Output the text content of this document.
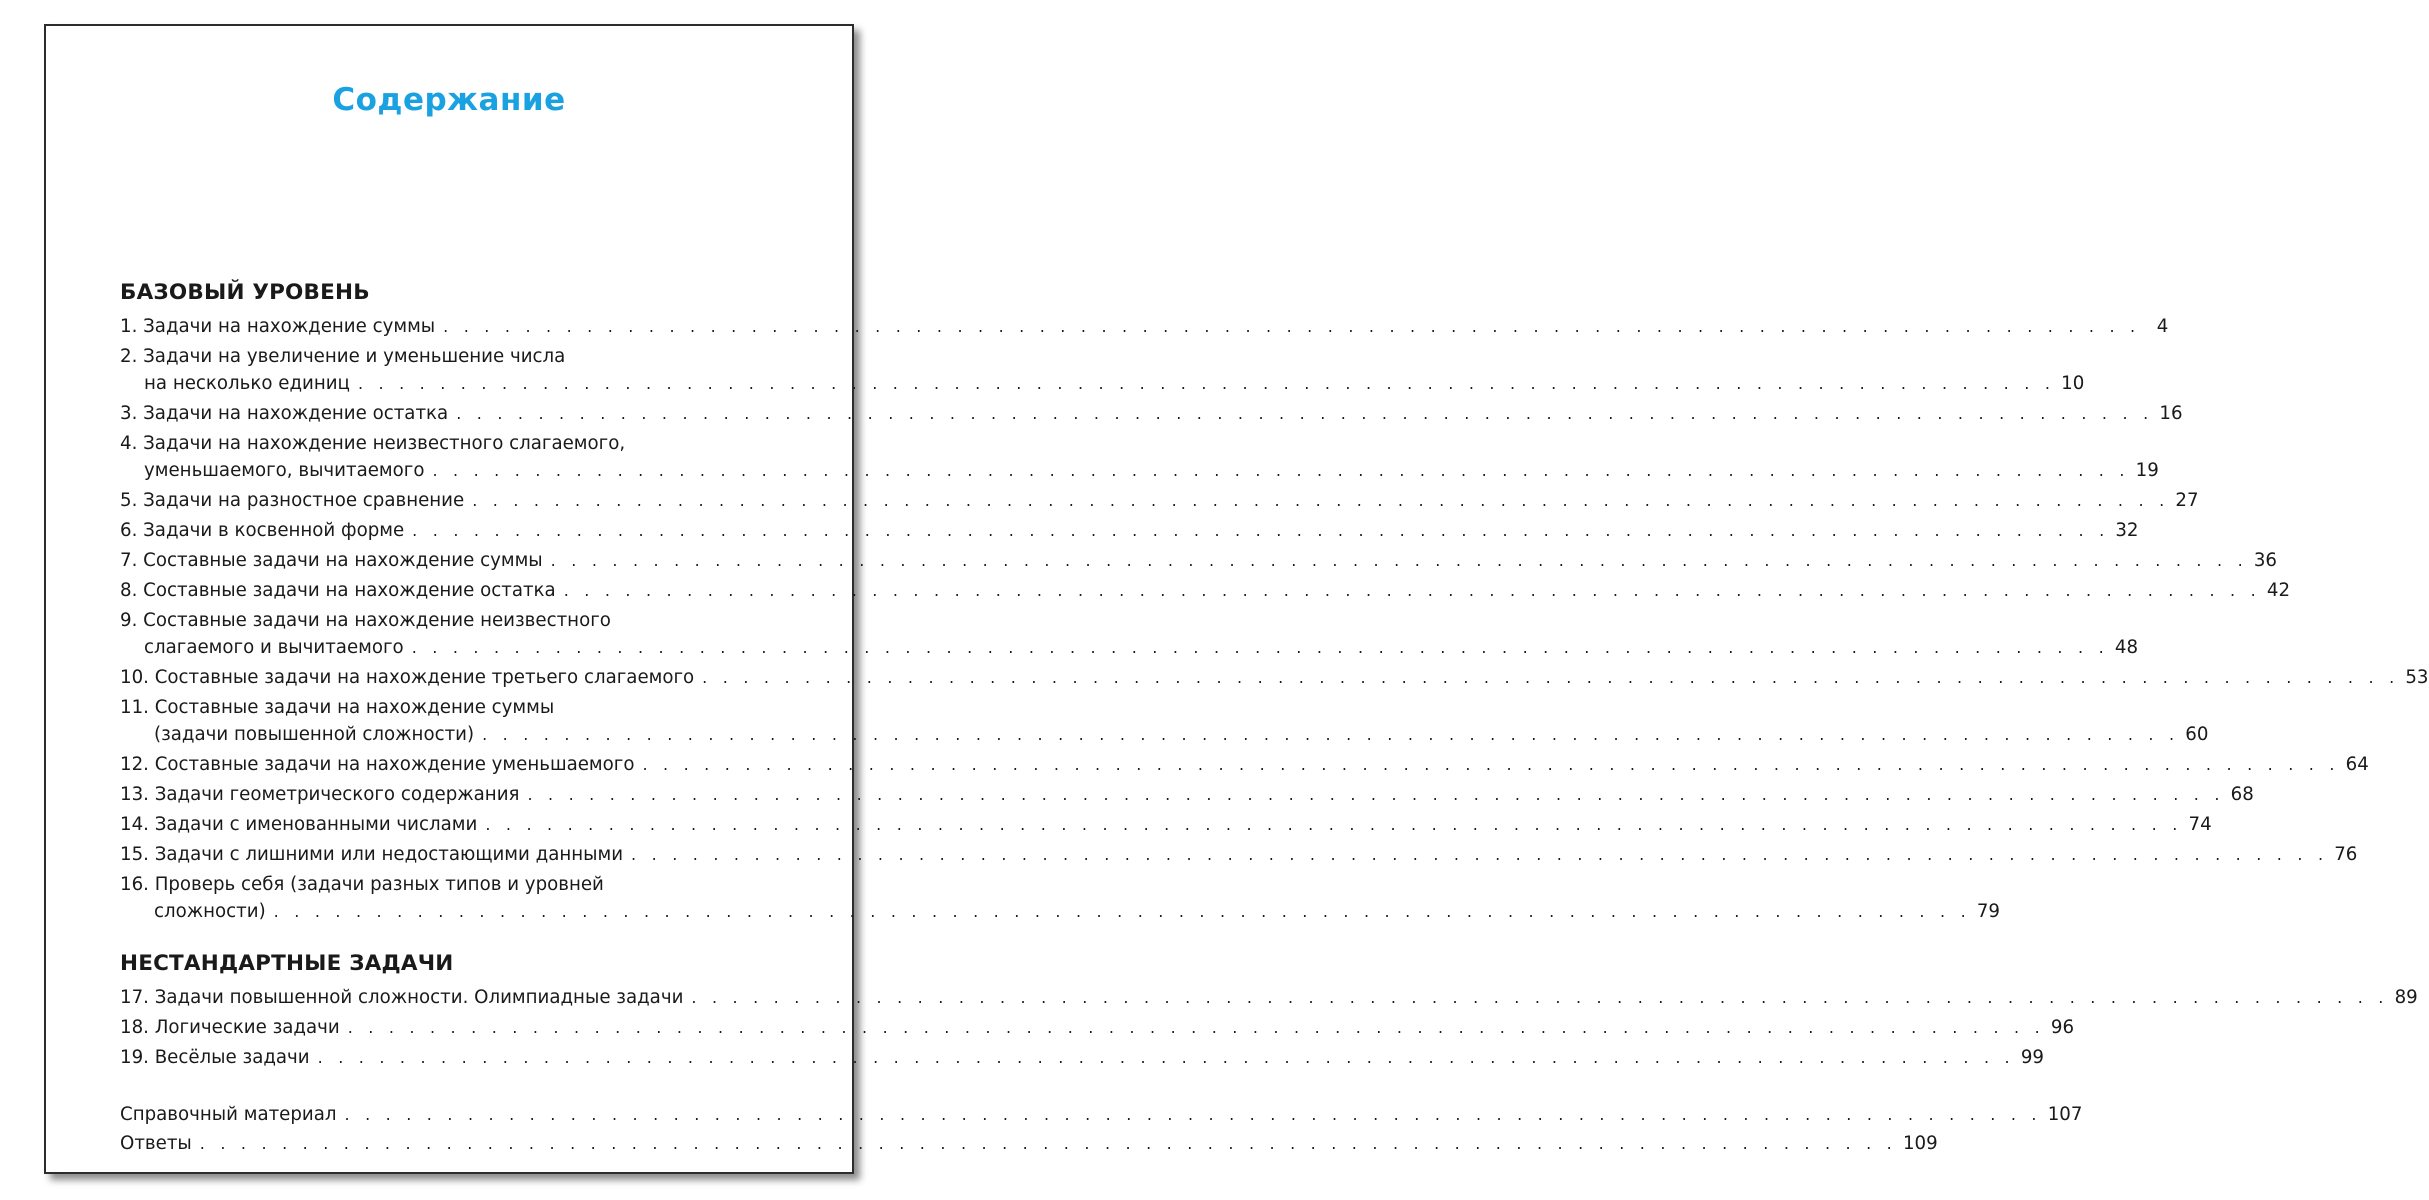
Содержание
БАЗОВЫЙ УРОВЕНЬ
1. Задачи на нахождение суммы . . . . . . . . . . . . . . . . . . . . . . . . . . . . . . . . . . . . . . . . . . . . . . . . . . . . . . . . . . . . . . . . . . . . . . . . . . . . . . . . . . . 4
2. Задачи на увеличение и уменьшение числа
на несколько единиц . . . . . . . . . . . . . . . . . . . . . . . . . . . . . . . . . . . . . . . . . . . . . . . . . . . . . . . . . . . . . . . . . . . . . . . . . . . . . . . . . . . 10
3. Задачи на нахождение остатка . . . . . . . . . . . . . . . . . . . . . . . . . . . . . . . . . . . . . . . . . . . . . . . . . . . . . . . . . . . . . . . . . . . . . . . . . . . . . . . . . . . 16
4. Задачи на нахождение неизвестного слагаемого,
уменьшаемого, вычитаемого . . . . . . . . . . . . . . . . . . . . . . . . . . . . . . . . . . . . . . . . . . . . . . . . . . . . . . . . . . . . . . . . . . . . . . . . . . . . . . . . . . . 19
5. Задачи на разностное сравнение . . . . . . . . . . . . . . . . . . . . . . . . . . . . . . . . . . . . . . . . . . . . . . . . . . . . . . . . . . . . . . . . . . . . . . . . . . . . . . . . . . . 27
6. Задачи в косвенной форме . . . . . . . . . . . . . . . . . . . . . . . . . . . . . . . . . . . . . . . . . . . . . . . . . . . . . . . . . . . . . . . . . . . . . . . . . . . . . . . . . . . 32
7. Составные задачи на нахождение суммы . . . . . . . . . . . . . . . . . . . . . . . . . . . . . . . . . . . . . . . . . . . . . . . . . . . . . . . . . . . . . . . . . . . . . . . . . . . . . . . . . . . 36
8. Составные задачи на нахождение остатка . . . . . . . . . . . . . . . . . . . . . . . . . . . . . . . . . . . . . . . . . . . . . . . . . . . . . . . . . . . . . . . . . . . . . . . . . . . . . . . . . . . 42
9. Составные задачи на нахождение неизвестного
слагаемого и вычитаемого . . . . . . . . . . . . . . . . . . . . . . . . . . . . . . . . . . . . . . . . . . . . . . . . . . . . . . . . . . . . . . . . . . . . . . . . . . . . . . . . . . . 48
10. Составные задачи на нахождение третьего слагаемого . . . . . . . . . . . . . . . . . . . . . . . . . . . . . . . . . . . . . . . . . . . . . . . . . . . . . . . . . . . . . . . . . . . . . . . . . . . . . . . . . . . 53
11. Составные задачи на нахождение суммы
(задачи повышенной сложности) . . . . . . . . . . . . . . . . . . . . . . . . . . . . . . . . . . . . . . . . . . . . . . . . . . . . . . . . . . . . . . . . . . . . . . . . . . . . . . . . . . . 60
12. Составные задачи на нахождение уменьшаемого . . . . . . . . . . . . . . . . . . . . . . . . . . . . . . . . . . . . . . . . . . . . . . . . . . . . . . . . . . . . . . . . . . . . . . . . . . . . . . . . . . . 64
13. Задачи геометрического содержания . . . . . . . . . . . . . . . . . . . . . . . . . . . . . . . . . . . . . . . . . . . . . . . . . . . . . . . . . . . . . . . . . . . . . . . . . . . . . . . . . . . 68
14. Задачи с именованными числами . . . . . . . . . . . . . . . . . . . . . . . . . . . . . . . . . . . . . . . . . . . . . . . . . . . . . . . . . . . . . . . . . . . . . . . . . . . . . . . . . . . 74
15. Задачи с лишними или недостающими данными . . . . . . . . . . . . . . . . . . . . . . . . . . . . . . . . . . . . . . . . . . . . . . . . . . . . . . . . . . . . . . . . . . . . . . . . . . . . . . . . . . . 76
16. Проверь себя (задачи разных типов и уровней
сложности) . . . . . . . . . . . . . . . . . . . . . . . . . . . . . . . . . . . . . . . . . . . . . . . . . . . . . . . . . . . . . . . . . . . . . . . . . . . . . . . . . . . 79
НЕСТАНДАРТНЫЕ ЗАДАЧИ
17. Задачи повышенной сложности. Олимпиадные задачи . . . . . . . . . . . . . . . . . . . . . . . . . . . . . . . . . . . . . . . . . . . . . . . . . . . . . . . . . . . . . . . . . . . . . . . . . . . . . . . . . . . 89
18. Логические задачи . . . . . . . . . . . . . . . . . . . . . . . . . . . . . . . . . . . . . . . . . . . . . . . . . . . . . . . . . . . . . . . . . . . . . . . . . . . . . . . . . . . 96
19. Весёлые задачи . . . . . . . . . . . . . . . . . . . . . . . . . . . . . . . . . . . . . . . . . . . . . . . . . . . . . . . . . . . . . . . . . . . . . . . . . . . . . . . . . . . 99
Справочный материал . . . . . . . . . . . . . . . . . . . . . . . . . . . . . . . . . . . . . . . . . . . . . . . . . . . . . . . . . . . . . . . . . . . . . . . . . . . . . . . . . . . 107
Ответы . . . . . . . . . . . . . . . . . . . . . . . . . . . . . . . . . . . . . . . . . . . . . . . . . . . . . . . . . . . . . . . . . . . . . . . . . . . . . . . . . . . 109
